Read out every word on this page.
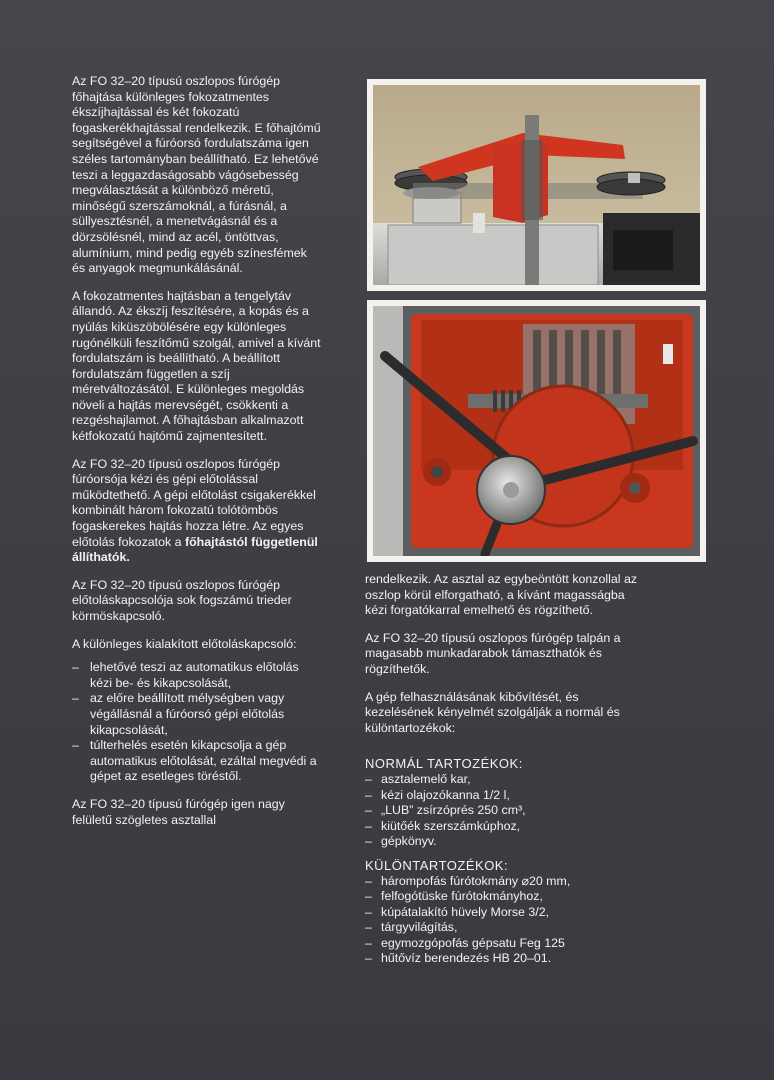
Az FO 32–20 típusú oszlopos fúrógép főhajtása különleges fokozatmentes ékszíjhajtással és két fokozatú fogaskerékhajtással rendelkezik. E főhajtómű segítségével a fúróorsó fordulatszáma igen széles tartományban beállítható. Ez lehetővé teszi a leggazdaságosabb vágósebesség megválasztását a különböző méretű, minőségű szerszámoknál, a fúrásnál, a süllyesztésnél, a menetvágásnál és a dörzsölésnél, mind az acél, öntöttvas, alumínium, mind pedig egyéb színesfémek és anyagok megmunkálásánál.

A fokozatmentes hajtásban a tengelytáv állandó. Az ékszíj feszítésére, a kopás és a nyúlás kiküszöbölésére egy különleges rugónélküli feszítőmű szolgál, amivel a kívánt fordulatszám is beállítható. A beállított fordulatszám független a szíj méretváltozásától. E különleges megoldás növeli a hajtás merevségét, csökkenti a rezgéshajlamot. A főhajtásban alkalmazott kétfokozatú hajtómű zajmentesített.

Az FO 32–20 típusú oszlopos fúrógép fúróorsója kézi és gépi előtolással működtethető. A gépi előtolást csigakerékkel kombinált három fokozatú tolótömbös fogaskerekes hajtás hozza létre. Az egyes előtolás fokozatok a főhajtástól függetlenül állíthatók.

Az FO 32–20 típusú oszlopos fúrógép előtoláskapcsolója sok fogszámú trieder körmöskapcsoló.

A különleges kialakított előtoláskapcsoló:

– lehetővé teszi az automatikus előtolás kézi be- és kikapcsolását,
– az előre beállított mélységben vagy végállásnál a fúróorsó gépi előtolás kikapcsolását,
– túlterhelés esetén kikapcsolja a gép automatikus előtolását, ezáltal megvédi a gépet az esetleges töréstől.

Az FO 32–20 típusú fúrógép igen nagy felületű szögletes asztallal

rendelkezik. Az asztal az egybeöntött konzollal az oszlop körül elforgatható, a kívánt magasságba kézi forgatókarral emelhető és rögzíthető.

Az FO 32–20 típusú oszlopos fúrógép talpán a magasabb munkadarabok támaszthatók és rögzíthetők.

A gép felhasználásának kibővítését, és kezelésének kényelmét szolgálják a normál és különtartozékok:

NORMÁL TARTOZÉKOK:

– asztalemelő kar,
– kézi olajozókanna 1/2 l,
– „LUB” zsírzóprés 250 cm³,
– kiütőék szerszámkúphoz,
– gépkönyv.

KÜLÖNTARTOZÉKOK:

– hárompofás fúrótokmány ⌀20 mm,
– felfogótüske fúrótokmányhoz,
– kúpátalakító hüvely Morse 3/2,
– tárgyvilágítás,
– egymozgópofás gépsatu Feg 125
– hűtővíz berendezés HB 20–01.
